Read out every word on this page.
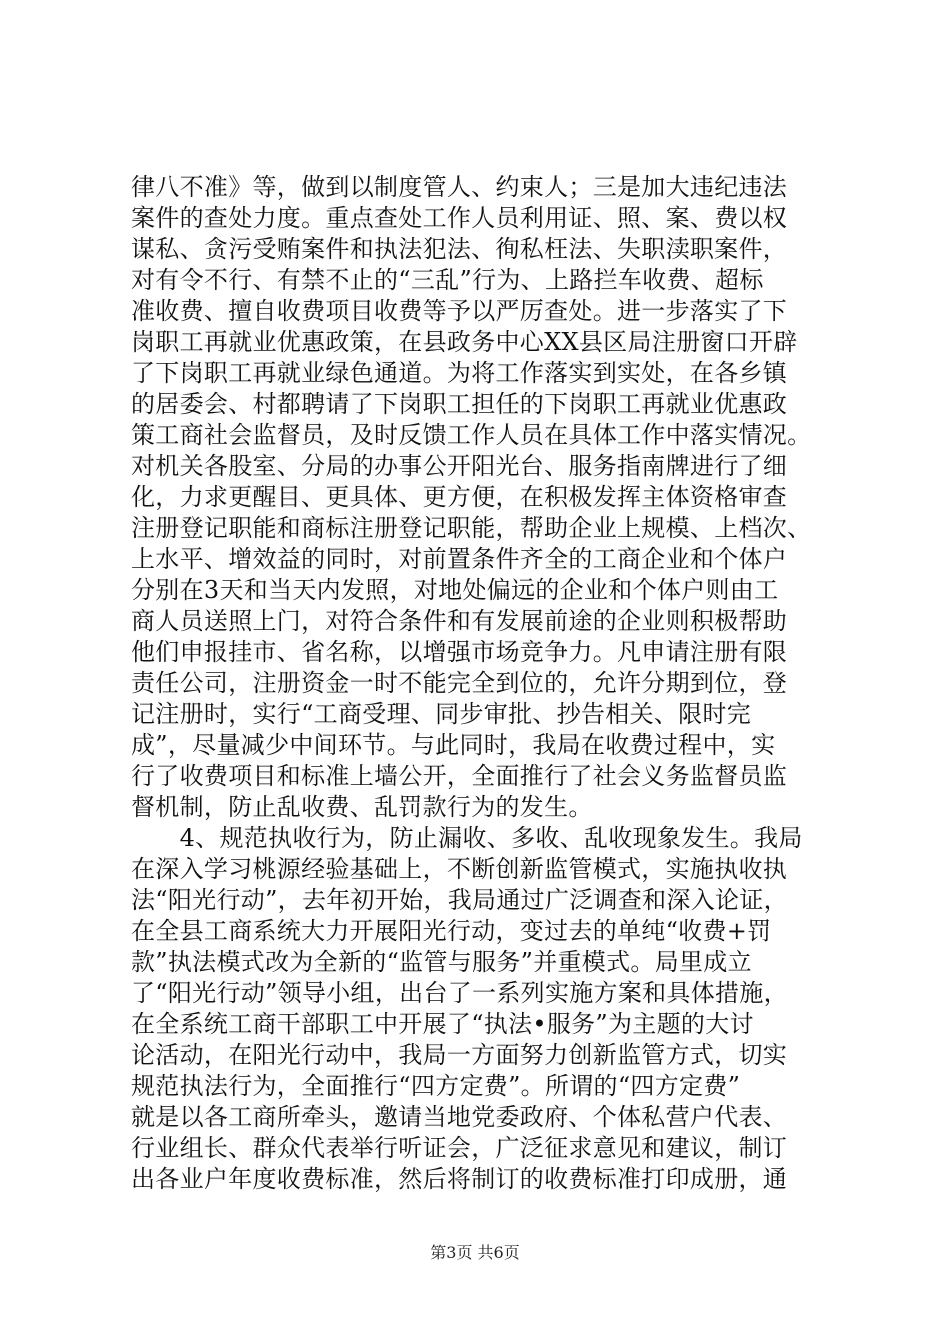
律八不准》等，做到以制度管人、约束人；三是加大违纪违法
案件的查处力度。重点查处工作人员利用证、照、案、费以权
谋私、贪污受贿案件和执法犯法、徇私枉法、失职渎职案件，
对有令不行、有禁不止的“三乱”行为、上路拦车收费、超标
准收费、擅自收费项目收费等予以严厉查处。进一步落实了下
岗职工再就业优惠政策，在县政务中心XX县区局注册窗口开辟
了下岗职工再就业绿色通道。为将工作落实到实处，在各乡镇
的居委会、村都聘请了下岗职工担任的下岗职工再就业优惠政
策工商社会监督员，及时反馈工作人员在具体工作中落实情况。
对机关各股室、分局的办事公开阳光台、服务指南牌进行了细
化，力求更醒目、更具体、更方便，在积极发挥主体资格审查
注册登记职能和商标注册登记职能，帮助企业上规模、上档次、
上水平、增效益的同时，对前置条件齐全的工商企业和个体户
分别在3天和当天内发照，对地处偏远的企业和个体户则由工
商人员送照上门，对符合条件和有发展前途的企业则积极帮助
他们申报挂市、省名称，以增强市场竞争力。凡申请注册有限
责任公司，注册资金一时不能完全到位的，允许分期到位，登
记注册时，实行“工商受理、同步审批、抄告相关、限时完
成”，尽量减少中间环节。与此同时，我局在收费过程中，实
行了收费项目和标准上墙公开，全面推行了社会义务监督员监
督机制，防止乱收费、乱罚款行为的发生。
　　4、规范执收行为，防止漏收、多收、乱收现象发生。我局
在深入学习桃源经验基础上，不断创新监管模式，实施执收执
法“阳光行动”，去年初开始，我局通过广泛调查和深入论证，
在全县工商系统大力开展阳光行动，变过去的单纯“收费+罚
款”执法模式改为全新的“监管与服务”并重模式。局里成立
了“阳光行动”领导小组，出台了一系列实施方案和具体措施，
在全系统工商干部职工中开展了“执法•服务”为主题的大讨
论活动，在阳光行动中，我局一方面努力创新监管方式，切实
规范执法行为，全面推行“四方定费”。所谓的“四方定费”
就是以各工商所牵头，邀请当地党委政府、个体私营户代表、
行业组长、群众代表举行听证会，广泛征求意见和建议，制订
出各业户年度收费标准，然后将制订的收费标准打印成册，通
第3页 共6页
